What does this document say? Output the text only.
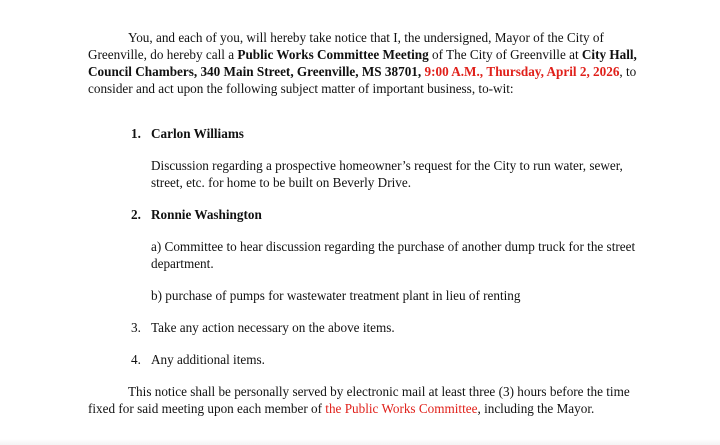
You, and each of you, will hereby take notice that I, the undersigned, Mayor of the City of Greenville, do hereby call a Public Works Committee Meeting of The City of Greenville at City Hall, Council Chambers, 340 Main Street, Greenville, MS 38701, 9:00 A.M., Thursday, April 2, 2026, to consider and act upon the following subject matter of important business, to-wit:
1. Carlon Williams
Discussion regarding a prospective homeowner’s request for the City to run water, sewer, street, etc. for home to be built on Beverly Drive.
2. Ronnie Washington
a) Committee to hear discussion regarding the purchase of another dump truck for the street department.
b) purchase of pumps for wastewater treatment plant in lieu of renting
3. Take any action necessary on the above items.
4. Any additional items.
This notice shall be personally served by electronic mail at least three (3) hours before the time fixed for said meeting upon each member of the Public Works Committee, including the Mayor.
